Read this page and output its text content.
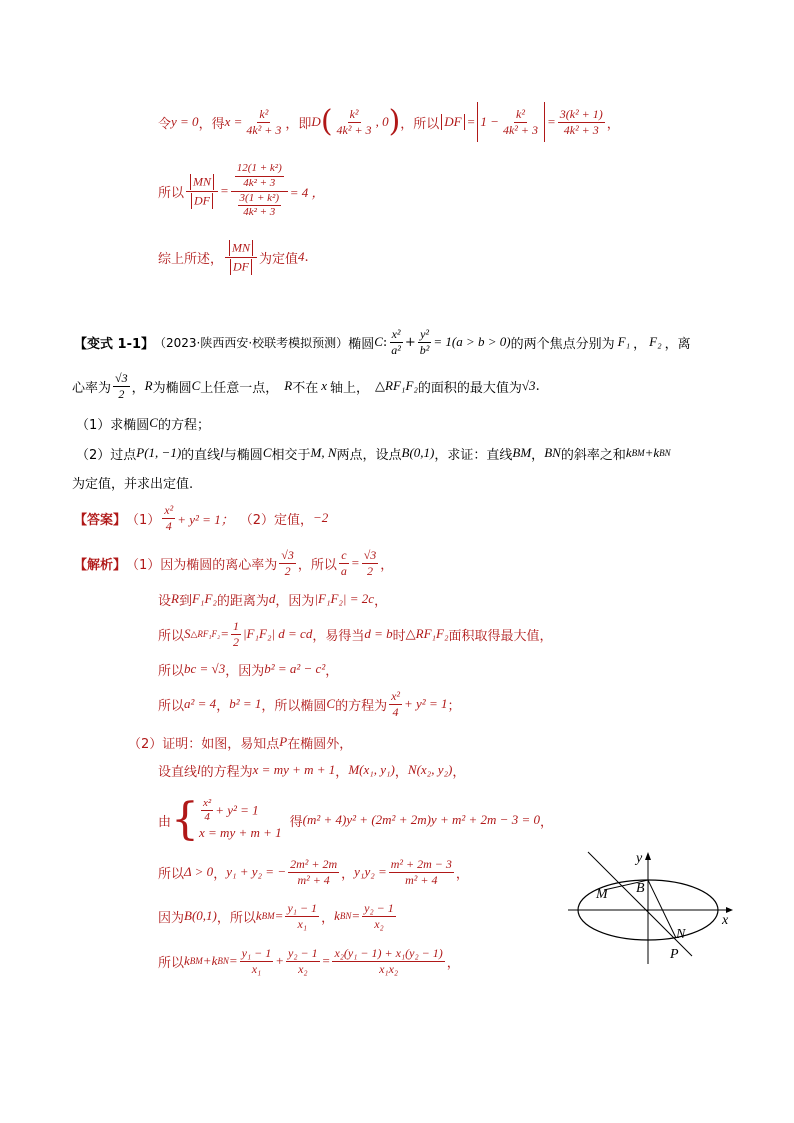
令 y = 0 ，得 $x = \frac{\text{k²}}{\text{4k² + 3}}$ ，即 D ( $\frac{\text{k²}}{\text{4k² + 3}}$ , 0 ) ，所以 DF = $1 - \frac{\text{k²}}{\text{4k² + 3}} = \frac{\text{3(k² + 1)}}{\text{4k² + 3}}$ ，
所以 $\frac{MN}{DF} = \frac{\frac{\text{12(1 + k²)}}{\text{4k² + 3}}}{\frac{\text{3(1 + k²)}}{\text{4k² + 3}}} = 4$ ，
综上所述， $\frac{MN}{DF}$ 为定值 4 .
【变式 1-1】 （2023·陕西西安·校联考模拟预测） 椭圆 C : $\frac{\text{x²}}{\text{a²}} + \frac{\text{y²}}{\text{b²}} = 1(a > b > 0)$ 的两个焦点分别为 F₁ ， F₂ ，离
心率为 $\frac{√3}{2}$ ， R 为椭圆 C 上任意一点， R 不在 x 轴上， △RF₁F₂ 的面积的最大值为 √3 .
（1）求椭圆 C 的方程；
（2）过点 P(1, −1) 的直线 l 与椭圆 C 相交于 M, N 两点，设点 B(0,1) ，求证：直线 BM ， BN 的斜率之和 k BM + k BN
为定值，并求出定值.
【答案】 $(1) \frac{\text{x²}}{4} + y^2 = 1$； （2）定值， −2
【解析】 （1）因为椭圆的离心率为 $\frac{√3}{2}$ ，所以 $\frac{c}{a} = \frac{√3}{2}$ ，
设 R 到 F₁F₂ 的距离为 d ，因为 |F₁F₂| = 2c ，
所以 S △RF₁F₂ = $\frac{1}{2} |F_1F_2|$ d = cd ，易得当 d = b 时 △RF₁F₂ 面积取得最大值，
所以 bc = √3 ，因为 b² = a² − c² ，
所以 a² = 4 ， b² = 1 ，所以椭圆 C 的方程为 $\frac{\text{x²}}{4} + y^2 = 1$ ；
（2）证明：如图，易知点 P 在椭圆外，
设直线 l 的方程为 x = my + m + 1 ， M(x₁, y₁) ， N(x₂, y₂) ，
由 { $\frac{\text{x²}}{4} + y^2 = 1$
x = my + m + 1
得 (m² + 4)y² + (2m² + 2m)y + m² + 2m − 3 = 0 ，
所以 Δ > 0 ， y₁ + y₂ = − $\frac{\text{2m² + 2m}}{\text{m² + 4}}$ ， $y_1y_2 = \frac{\text{m² + 2m − 3}}{\text{m² + 4}}$ ，
因为 B(0,1) ，所以 k BM = $\frac{\text{y₁ − 1}}{\text{x₁}}$ ， k BN = $\frac{\text{y₂ − 1}}{\text{x₂}}$
所以 k BM + k BN = $\frac{\text{y₁ − 1}}{\text{x₁}} + \frac{\text{y₂ − 1}}{\text{x₂}} = \frac{\text{x₂(y₁ − 1) + x₁(y₂ − 1)}}{\text{x₁x₂}}$ ，
y
x
M B
N
P
